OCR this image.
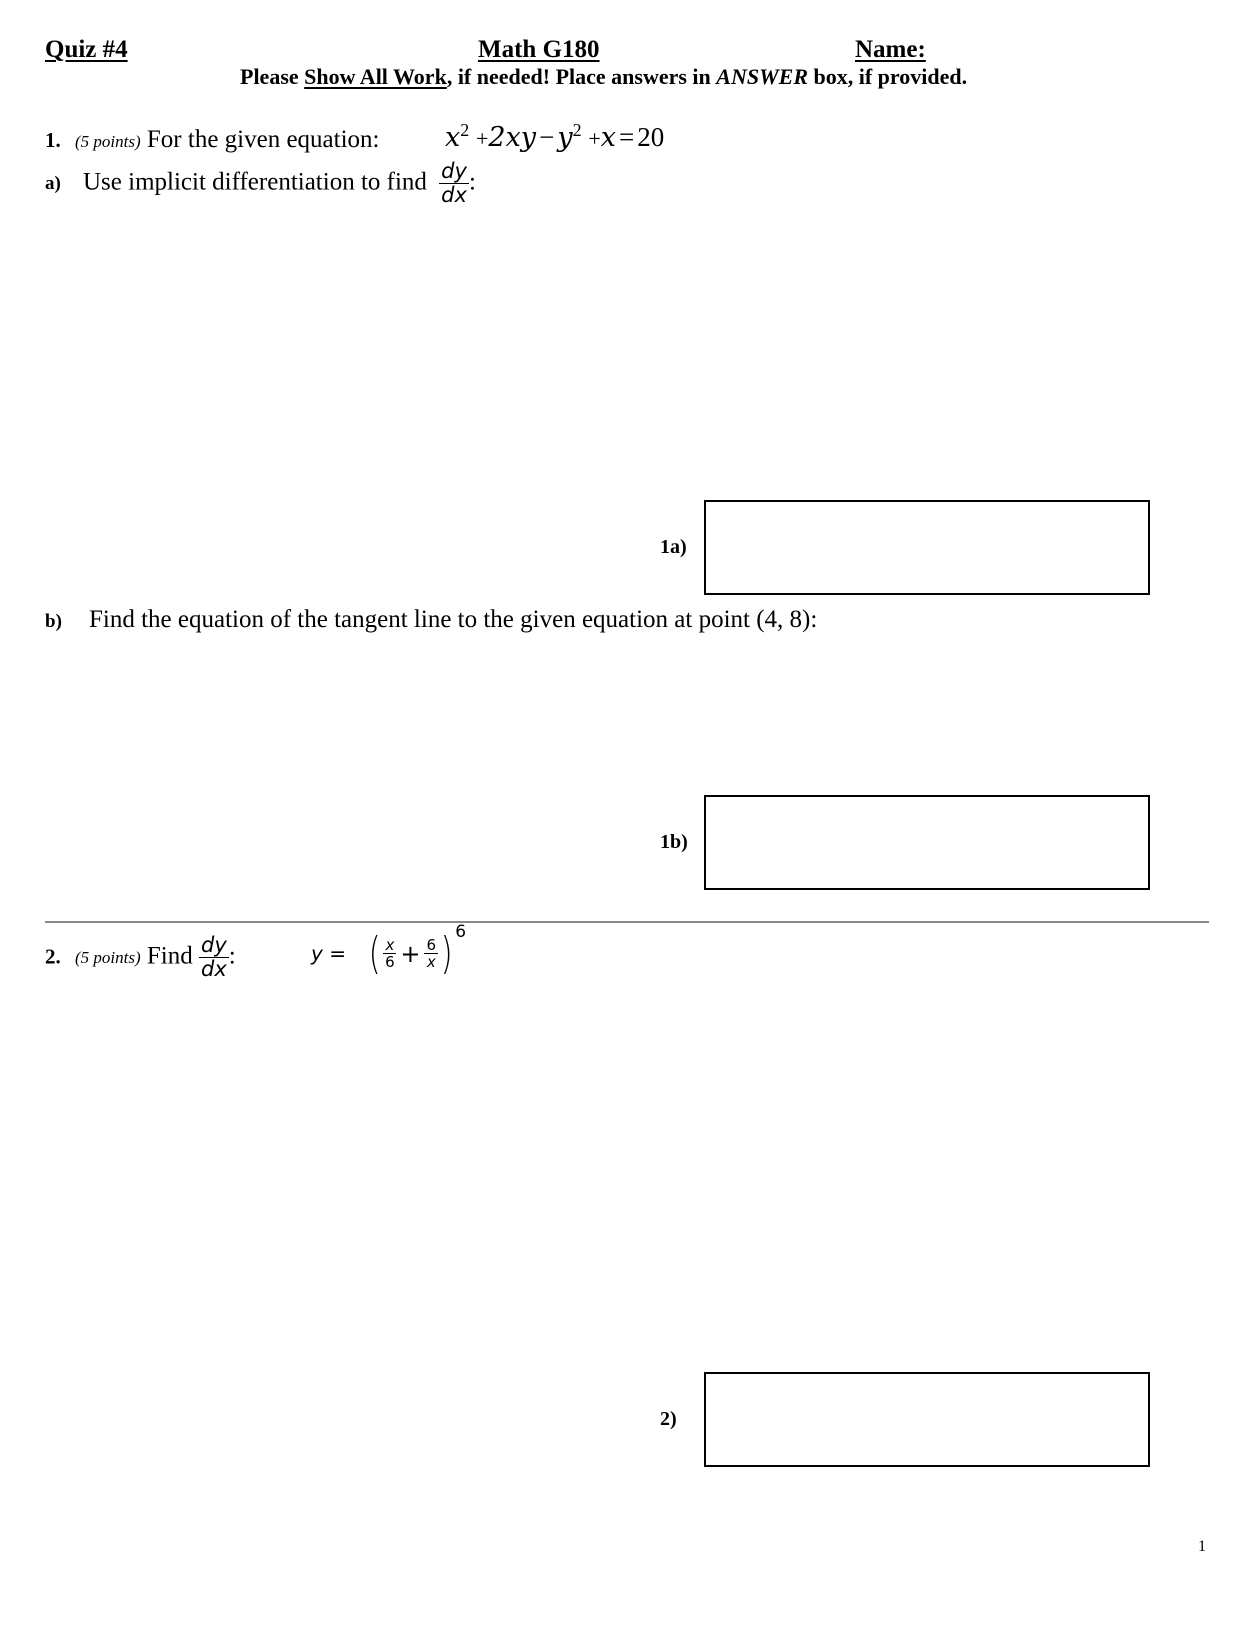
Quiz #4	Math G180	Name:
Please Show All Work, if needed! Place answers in ANSWER box, if provided.
1. (5 points) For the given equation: $x^2 +2xy - y^2 +x = 20$
a) Use implicit differentiation to find $\frac{dy}{dx}$ :
1a)
b) Find the equation of the tangent line to the given equation at point (4, 8):
1b)
2. (5 points) Find $\frac{dy}{dx}$ :	y = ( $\frac{x}{6} + \frac{6}{x}$ ) $^6$
2)
1
